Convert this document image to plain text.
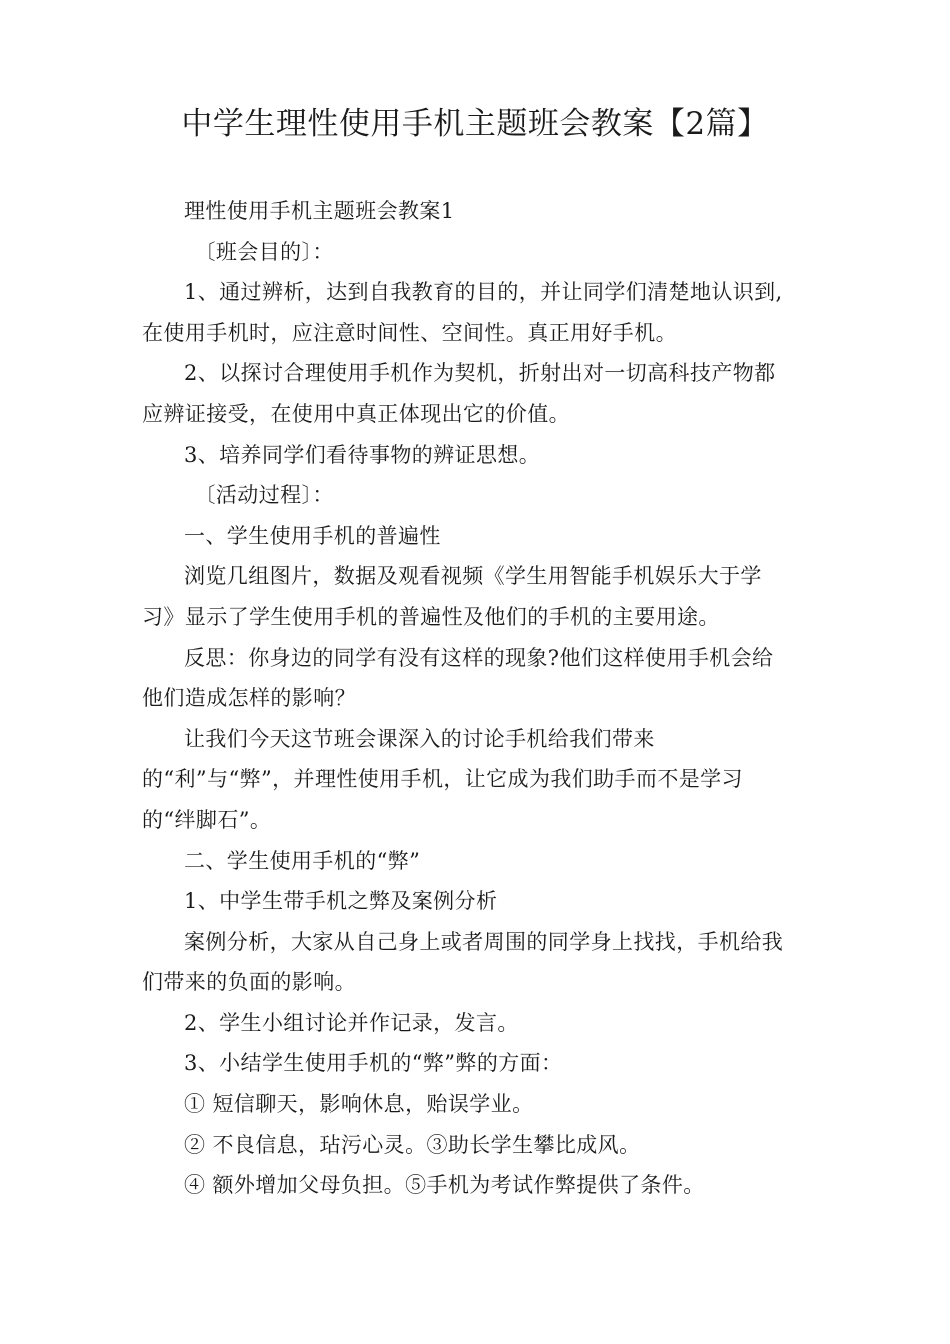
中学生理性使用手机主题班会教案【2篇】

理性使用手机主题班会教案1

〔班会目的〕：

1、通过辨析，达到自我教育的目的，并让同学们清楚地认识到,在使用手机时，应注意时间性、空间性。真正用好手机。

2、以探讨合理使用手机作为契机，折射出对一切高科技产物都应辨证接受，在使用中真正体现出它的价值。

3、培养同学们看待事物的辨证思想。

〔活动过程〕：

一、学生使用手机的普遍性

浏览几组图片，数据及观看视频《学生用智能手机娱乐大于学习》显示了学生使用手机的普遍性及他们的手机的主要用途。

反思：你身边的同学有没有这样的现象?他们这样使用手机会给他们造成怎样的影响？

让我们今天这节班会课深入的讨论手机给我们带来的“利”与“弊”，并理性使用手机，让它成为我们助手而不是学习的“绊脚石”。

二、学生使用手机的“弊”

1、中学生带手机之弊及案例分析

案例分析，大家从自己身上或者周围的同学身上找找，手机给我们带来的负面的影响。

2、学生小组讨论并作记录，发言。

3、小结学生使用手机的“弊”弊的方面：

① 短信聊天，影响休息，贻误学业。

② 不良信息，玷污心灵。③助长学生攀比成风。

④ 额外增加父母负担。⑤手机为考试作弊提供了条件。
